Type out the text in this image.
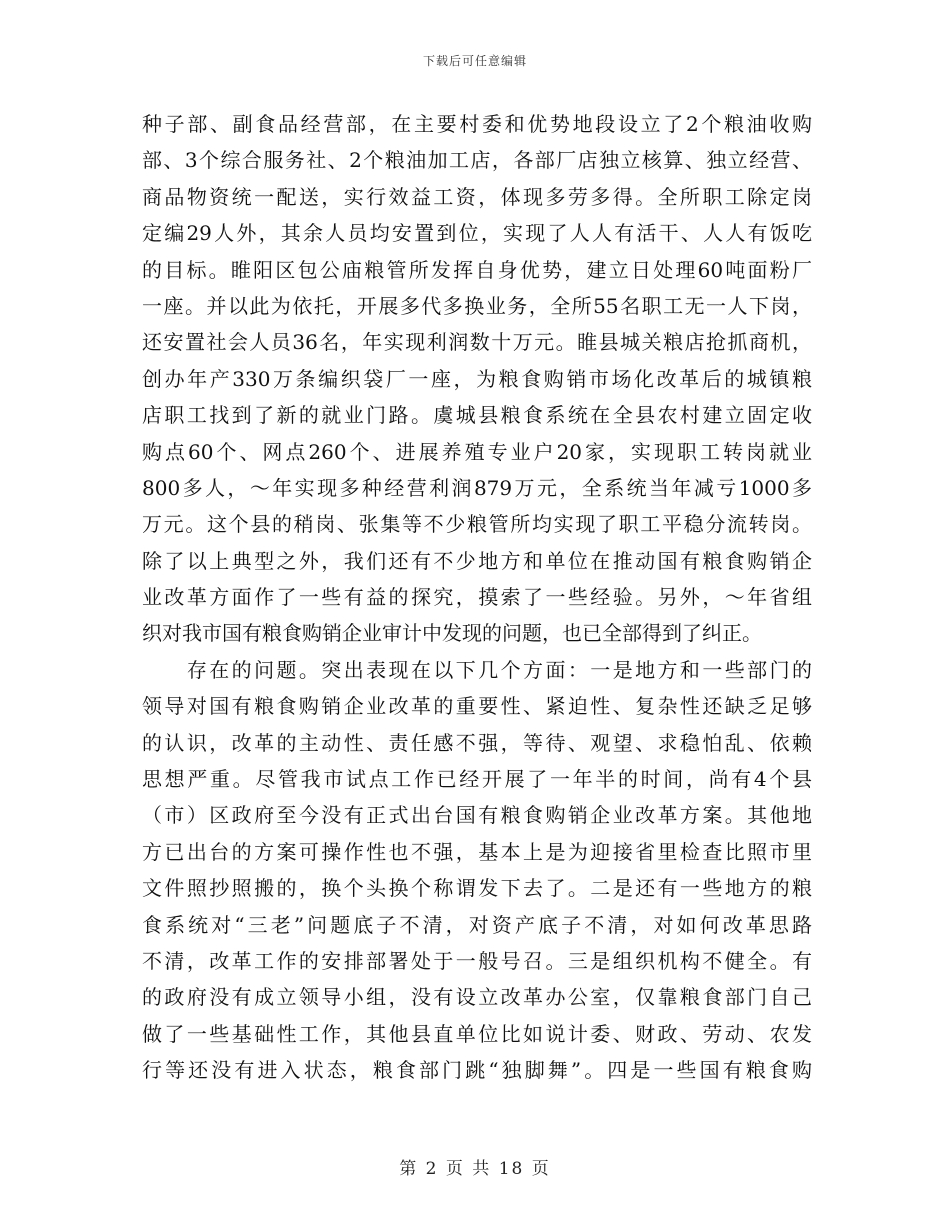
下载后可任意编辑
种子部、副食品经营部，在主要村委和优势地段设立了2个粮油收购
部、3个综合服务社、2个粮油加工店，各部厂店独立核算、独立经营、
商品物资统一配送，实行效益工资，体现多劳多得。全所职工除定岗
定编29人外，其余人员均安置到位，实现了人人有活干、人人有饭吃
的目标。睢阳区包公庙粮管所发挥自身优势，建立日处理60吨面粉厂
一座。并以此为依托，开展多代多换业务，全所55名职工无一人下岗，
还安置社会人员36名，年实现利润数十万元。睢县城关粮店抢抓商机，
创办年产330万条编织袋厂一座，为粮食购销市场化改革后的城镇粮
店职工找到了新的就业门路。虞城县粮食系统在全县农村建立固定收
购点60个、网点260个、进展养殖专业户20家，实现职工转岗就业
800多人，～年实现多种经营利润879万元，全系统当年减亏1000多
万元。这个县的稍岗、张集等不少粮管所均实现了职工平稳分流转岗。
除了以上典型之外，我们还有不少地方和单位在推动国有粮食购销企
业改革方面作了一些有益的探究，摸索了一些经验。另外，～年省组
织对我市国有粮食购销企业审计中发现的问题，也已全部得到了纠正。
　　存在的问题。突出表现在以下几个方面：一是地方和一些部门的
领导对国有粮食购销企业改革的重要性、紧迫性、复杂性还缺乏足够
的认识，改革的主动性、责任感不强，等待、观望、求稳怕乱、依赖
思想严重。尽管我市试点工作已经开展了一年半的时间，尚有4个县
（市）区政府至今没有正式出台国有粮食购销企业改革方案。其他地
方已出台的方案可操作性也不强，基本上是为迎接省里检查比照市里
文件照抄照搬的，换个头换个称谓发下去了。二是还有一些地方的粮
食系统对“三老”问题底子不清，对资产底子不清，对如何改革思路
不清，改革工作的安排部署处于一般号召。三是组织机构不健全。有
的政府没有成立领导小组，没有设立改革办公室，仅靠粮食部门自己
做了一些基础性工作，其他县直单位比如说计委、财政、劳动、农发
行等还没有进入状态，粮食部门跳“独脚舞”。四是一些国有粮食购
第 2 页 共 18 页
